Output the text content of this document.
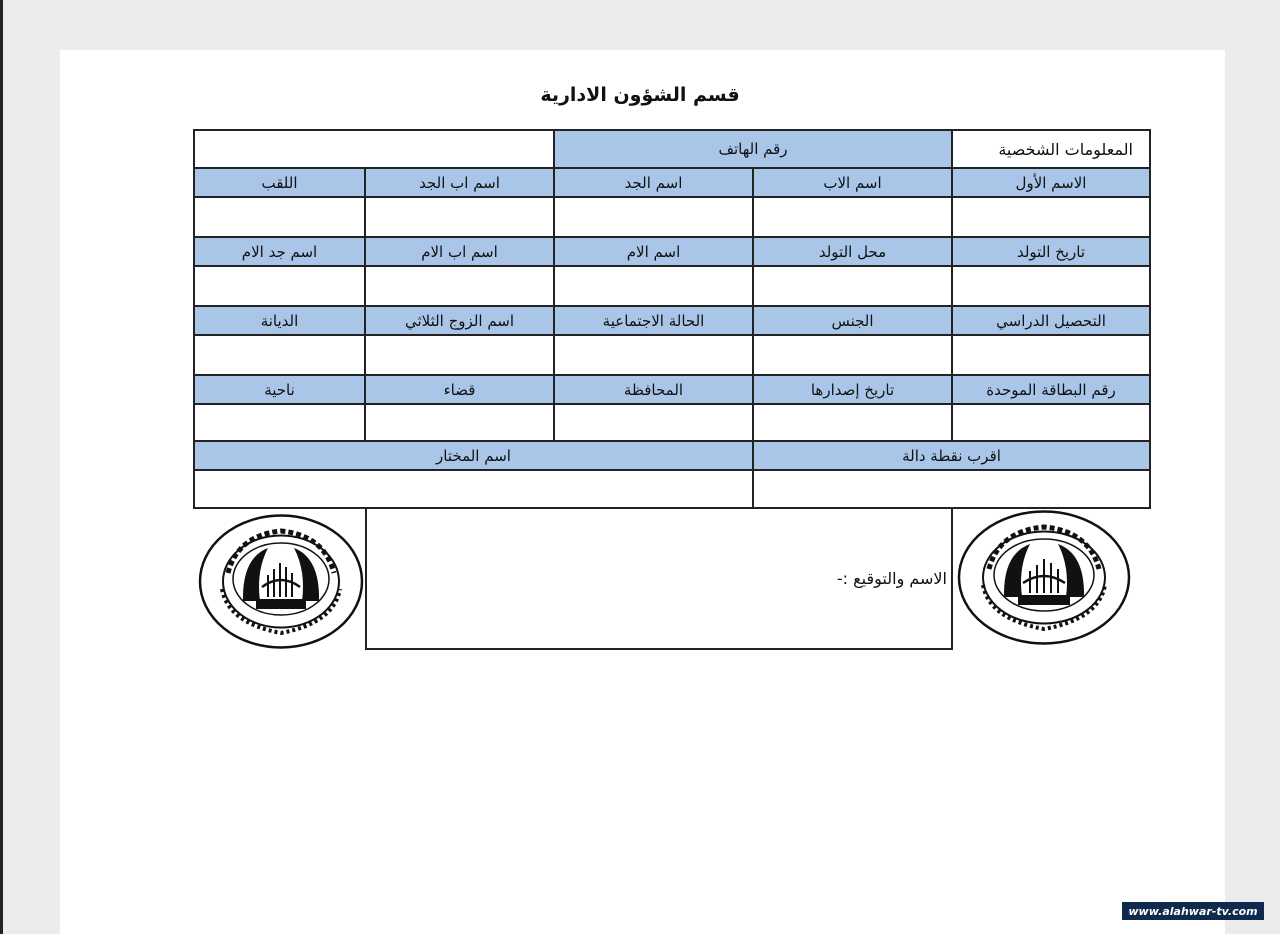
قسم الشؤون الادارية
المعلومات الشخصية
رقم الهاتف
الاسم الأول
اسم الاب
اسم الجد
اسم اب الجد
اللقب
تاريخ التولد
محل التولد
اسم الام
اسم اب الام
اسم جد الام
التحصيل الدراسي
الجنس
الحالة الاجتماعية
اسم الزوج الثلاثي
الديانة
رقم البطاقة الموحدة
تاريخ إصدارها
المحافظة
قضاء
ناحية
اقرب نقطة دالة
اسم المختار
الاسم والتوقيع :-
www.alahwar-tv.com
